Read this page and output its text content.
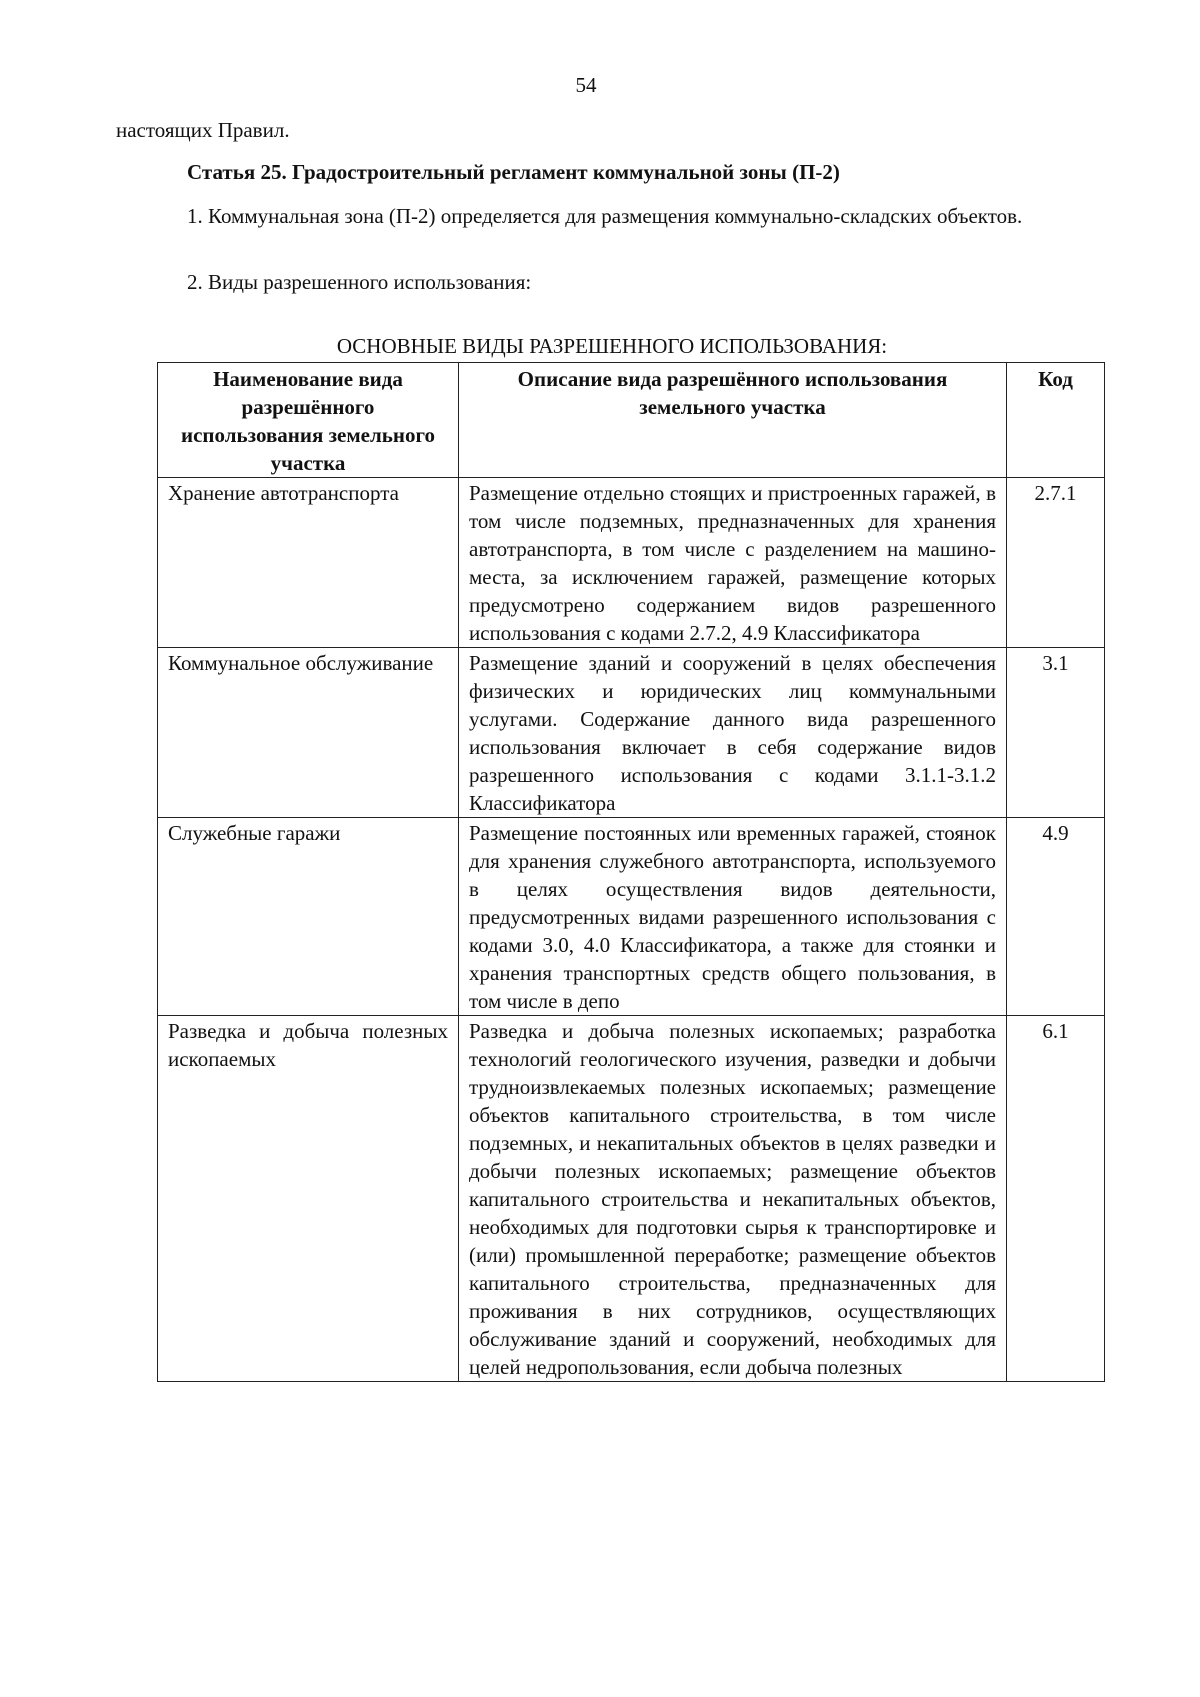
54
настоящих Правил.
Статья 25. Градостроительный регламент коммунальной зоны (П-2)
1. Коммунальная зона (П-2) определяется для размещения коммунально-складских объектов.
2. Виды разрешенного использования:
ОСНОВНЫЕ ВИДЫ РАЗРЕШЕННОГО ИСПОЛЬЗОВАНИЯ:
Наименование вида разрешённого использования земельного участка	Описание вида разрешённого использования земельного участка	Код
Хранение автотранспорта	Размещение отдельно стоящих и пристроенных гаражей, в том числе подземных, предназначенных для хранения автотранспорта, в том числе с разделением на машино-места, за исключением гаражей, размещение которых предусмотрено содержанием видов разрешенного использования с кодами 2.7.2, 4.9 Классификатора	2.7.1
Коммунальное обслуживание	Размещение зданий и сооружений в целях обеспечения физических и юридических лиц коммунальными услугами. Содержание данного вида разрешенного использования включает в себя содержание видов разрешенного использования с кодами 3.1.1-3.1.2 Классификатора	3.1
Служебные гаражи	Размещение постоянных или временных гаражей, стоянок для хранения служебного автотранспорта, используемого в целях осуществления видов деятельности, предусмотренных видами разрешенного использования с кодами 3.0, 4.0 Классификатора, а также для стоянки и хранения транспортных средств общего пользования, в том числе в депо	4.9
Разведка и добыча полезных ископаемых	Разведка и добыча полезных ископаемых; разработка технологий геологического изучения, разведки и добычи трудноизвлекаемых полезных ископаемых; размещение объектов капитального строительства, в том числе подземных, и некапитальных объектов в целях разведки и добычи полезных ископаемых; размещение объектов капитального строительства и некапитальных объектов, необходимых для подготовки сырья к транспортировке и (или) промышленной переработке; размещение объектов капитального строительства, предназначенных для проживания в них сотрудников, осуществляющих обслуживание зданий и сооружений, необходимых для целей недропользования, если добыча полезных	6.1
